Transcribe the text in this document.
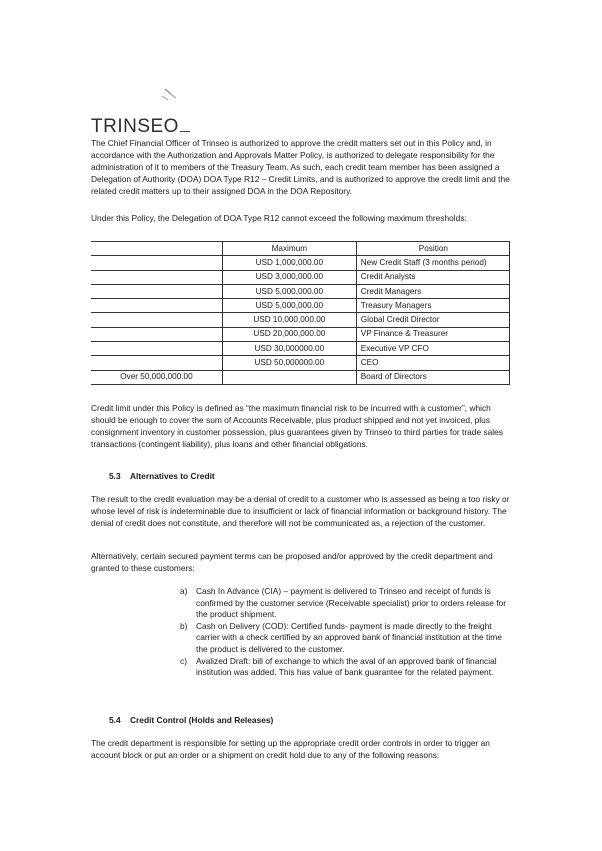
TRINSEO
The Chief Financial Officer of Trinseo is authorized to approve the credit matters set out in this Policy and, in accordance with the Authorization and Approvals Matter Policy, is authorized to delegate responsibility for the administration of it to members of the Treasury Team. As such, each credit team member has been assigned a Delegation of Authority (DOA) DOA Type R12 – Credit Limits, and is authorized to approve the credit limit and the related credit matters up to their assigned DOA in the DOA Repository.
Under this Policy, the Delegation of DOA Type R12 cannot exceed the following maximum thresholds:
	Maximum	Position
	USD 1,000,000.00	New Credit Staff (3 months period)
	USD 3,000,000.00	Credit Analysts
	USD 5,000,000.00	Credit Managers
	USD 5,000,000.00	Treasury Managers
	USD 10,000,000.00	Global Credit Director
	USD 20,000,000.00	VP Finance & Treasurer
	USD 30,000000.00	Executive VP CFO
	USD 50,000000.00	CEO
Over 50,000,000.00		Board of Directors
Credit limit under this Policy is defined as “the maximum financial risk to be incurred with a customer”, which should be enough to cover the sum of Accounts Receivable, plus product shipped and not yet invoiced, plus consignment inventory in customer possession, plus guarantees given by Trinseo to third parties for trade sales transactions (contingent liability), plus loans and other financial obligations.
5.3 Alternatives to Credit
The result to the credit evaluation may be a denial of credit to a customer who is assessed as being a too risky or whose level of risk is indeterminable due to insufficient or lack of financial information or background history. The denial of credit does not constitute, and therefore will not be communicated as, a rejection of the customer.
Alternatively, certain secured payment terms can be proposed and/or approved by the credit department and granted to these customers:
a) Cash In Advance (CIA) – payment is delivered to Trinseo and receipt of funds is confirmed by the customer service (Receivable specialist) prior to orders release for the product shipment.
b) Cash on Delivery (COD): Certified funds- payment is made directly to the freight carrier with a check certified by an approved bank of financial institution at the time the product is delivered to the customer.
c) Avalized Draft: bill of exchange to which the aval of an approved bank of financial institution was added. This has value of bank guarantee for the related payment.
5.4 Credit Control (Holds and Releases)
The credit department is responsible for setting up the appropriate credit order controls in order to trigger an account block or put an order or a shipment on credit hold due to any of the following reasons:
